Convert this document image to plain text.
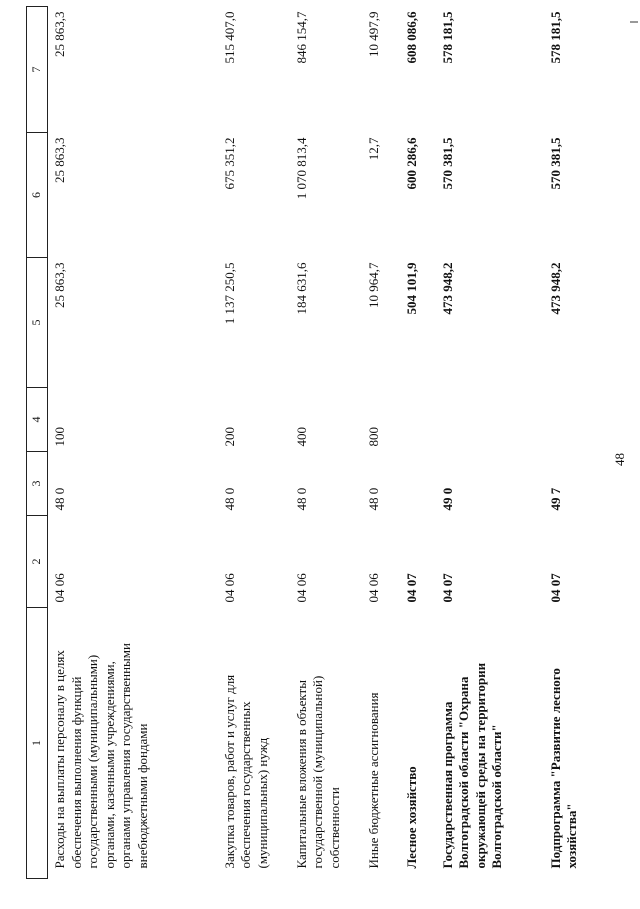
48
1	2	3	4	5	6	7
Расходы на выплаты персоналу в целях обеспечения выполнения функций государственными (муниципальными) органами, казенными учреждениями, органами управления государственными внебюджетными фондами	04 06	48 0	100	25 863,3	25 863,3	25 863,3
Закупка товаров, работ и услуг для обеспечения государственных (муниципальных) нужд	04 06	48 0	200	1 137 250,5	675 351,2	515 407,0
Капитальные вложения в объекты государственной (муниципальной) собственности	04 06	48 0	400	184 631,6	1 070 813,4	846 154,7
Иные бюджетные ассигнования	04 06	48 0	800	10 964,7	12,7	10 497,9
Лесное хозяйство	04 07			504 101,9	600 286,6	608 086,6
Государственная программа Волгоградской области "Охрана окружающей среды на территории Волгоградской области"	04 07	49 0		473 948,2	570 381,5	578 181,5
Подпрограмма "Развитие лесного хозяйства"	04 07	49 7		473 948,2	570 381,5	578 181,5
